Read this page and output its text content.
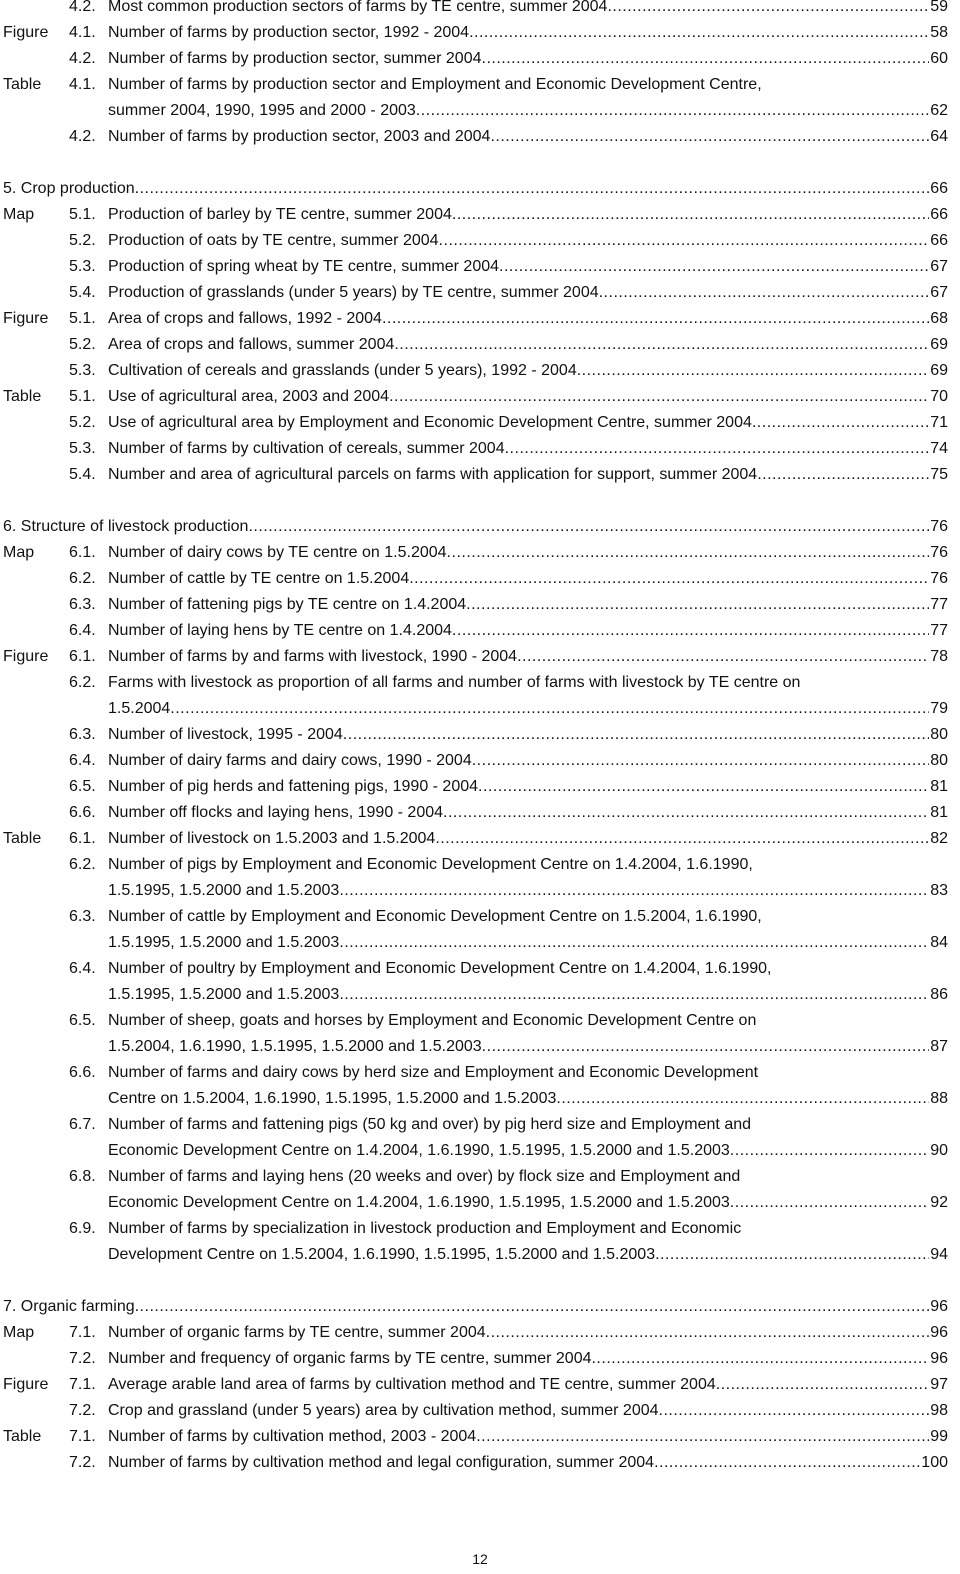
4.2. Most common production sectors of farms by TE centre, summer 2004 .....	59
Figure	4.1. Number of farms by production sector, 1992 - 2004 .....	58
4.2. Number of farms by production sector, summer 2004 .....	60
Table	4.1. Number of farms by production sector and Employment and Economic Development Centre,
summer 2004, 1990, 1995 and 2000 - 2003 .....	62
4.2. Number of farms by production sector, 2003 and 2004 .....	64
5. Crop production .....	66
Map	5.1. Production of barley by TE centre, summer 2004 .....	66
5.2. Production of oats by TE centre, summer 2004 .....	66
5.3. Production of spring wheat by TE centre, summer 2004 .....	67
5.4. Production of grasslands (under 5 years) by TE centre, summer 2004 .....	67
Figure	5.1. Area of crops and fallows, 1992 - 2004 .....	68
5.2. Area of crops and fallows, summer 2004 .....	69
5.3. Cultivation of cereals and grasslands (under 5 years), 1992 - 2004 .....	69
Table	5.1. Use of agricultural area, 2003 and 2004 .....	70
5.2. Use of agricultural area by Employment and Economic Development Centre, summer 2004 .....	71
5.3. Number of farms by cultivation of cereals, summer 2004 .....	74
5.4. Number and area of agricultural parcels on farms with application for support, summer 2004 .....	75
6. Structure of livestock production .....	76
Map	6.1. Number of dairy cows by TE centre on 1.5.2004 .....	76
6.2. Number of cattle by TE centre on 1.5.2004 .....	76
6.3. Number of fattening pigs by TE centre on 1.4.2004 .....	77
6.4. Number of laying hens by TE centre on 1.4.2004 .....	77
Figure	6.1. Number of farms by and farms with livestock, 1990 - 2004 .....	78
6.2. Farms with livestock as proportion of all farms and number of farms with livestock by TE centre on
1.5.2004 .....	79
6.3. Number of livestock, 1995 - 2004 .....	80
6.4. Number of dairy farms and dairy cows, 1990 - 2004 .....	80
6.5. Number of pig herds and fattening pigs, 1990 - 2004 .....	81
6.6. Number off flocks and laying hens, 1990 - 2004 .....	81
Table	6.1. Number of livestock on 1.5.2003 and 1.5.2004 .....	82
6.2. Number of pigs by Employment and Economic Development Centre on 1.4.2004, 1.6.1990,
1.5.1995, 1.5.2000 and 1.5.2003 .....	83
6.3. Number of cattle by Employment and Economic Development Centre on 1.5.2004, 1.6.1990,
1.5.1995, 1.5.2000 and 1.5.2003 .....	84
6.4. Number of poultry by Employment and Economic Development Centre on 1.4.2004, 1.6.1990,
1.5.1995, 1.5.2000 and 1.5.2003 .....	86
6.5. Number of sheep, goats and horses by Employment and Economic Development Centre on
1.5.2004, 1.6.1990, 1.5.1995, 1.5.2000 and 1.5.2003 .....	87
6.6. Number of farms and dairy cows by herd size and Employment and Economic Development
Centre on 1.5.2004, 1.6.1990, 1.5.1995, 1.5.2000 and 1.5.2003 .....	88
6.7. Number of farms and fattening pigs (50 kg and over) by pig herd size and Employment and
Economic Development Centre on 1.4.2004, 1.6.1990, 1.5.1995, 1.5.2000 and 1.5.2003 .....	90
6.8. Number of farms and laying hens (20 weeks and over) by flock size and Employment and
Economic Development Centre on 1.4.2004, 1.6.1990, 1.5.1995, 1.5.2000 and 1.5.2003 .....	92
6.9. Number of farms by specialization in livestock production and Employment and Economic
Development Centre on 1.5.2004, 1.6.1990, 1.5.1995, 1.5.2000 and 1.5.2003 .....	94
7. Organic farming .....	96
Map	7.1. Number of organic farms by TE centre, summer 2004 .....	96
7.2. Number and frequency of organic farms by TE centre, summer 2004 .....	96
Figure	7.1. Average arable land area of farms by cultivation method and TE centre, summer 2004 .....	97
7.2. Crop and grassland (under 5 years) area by cultivation method, summer 2004 .....	98
Table	7.1. Number of farms by cultivation method, 2003 - 2004 .....	99
7.2. Number of farms by cultivation method and legal configuration, summer 2004 .....	100
12
